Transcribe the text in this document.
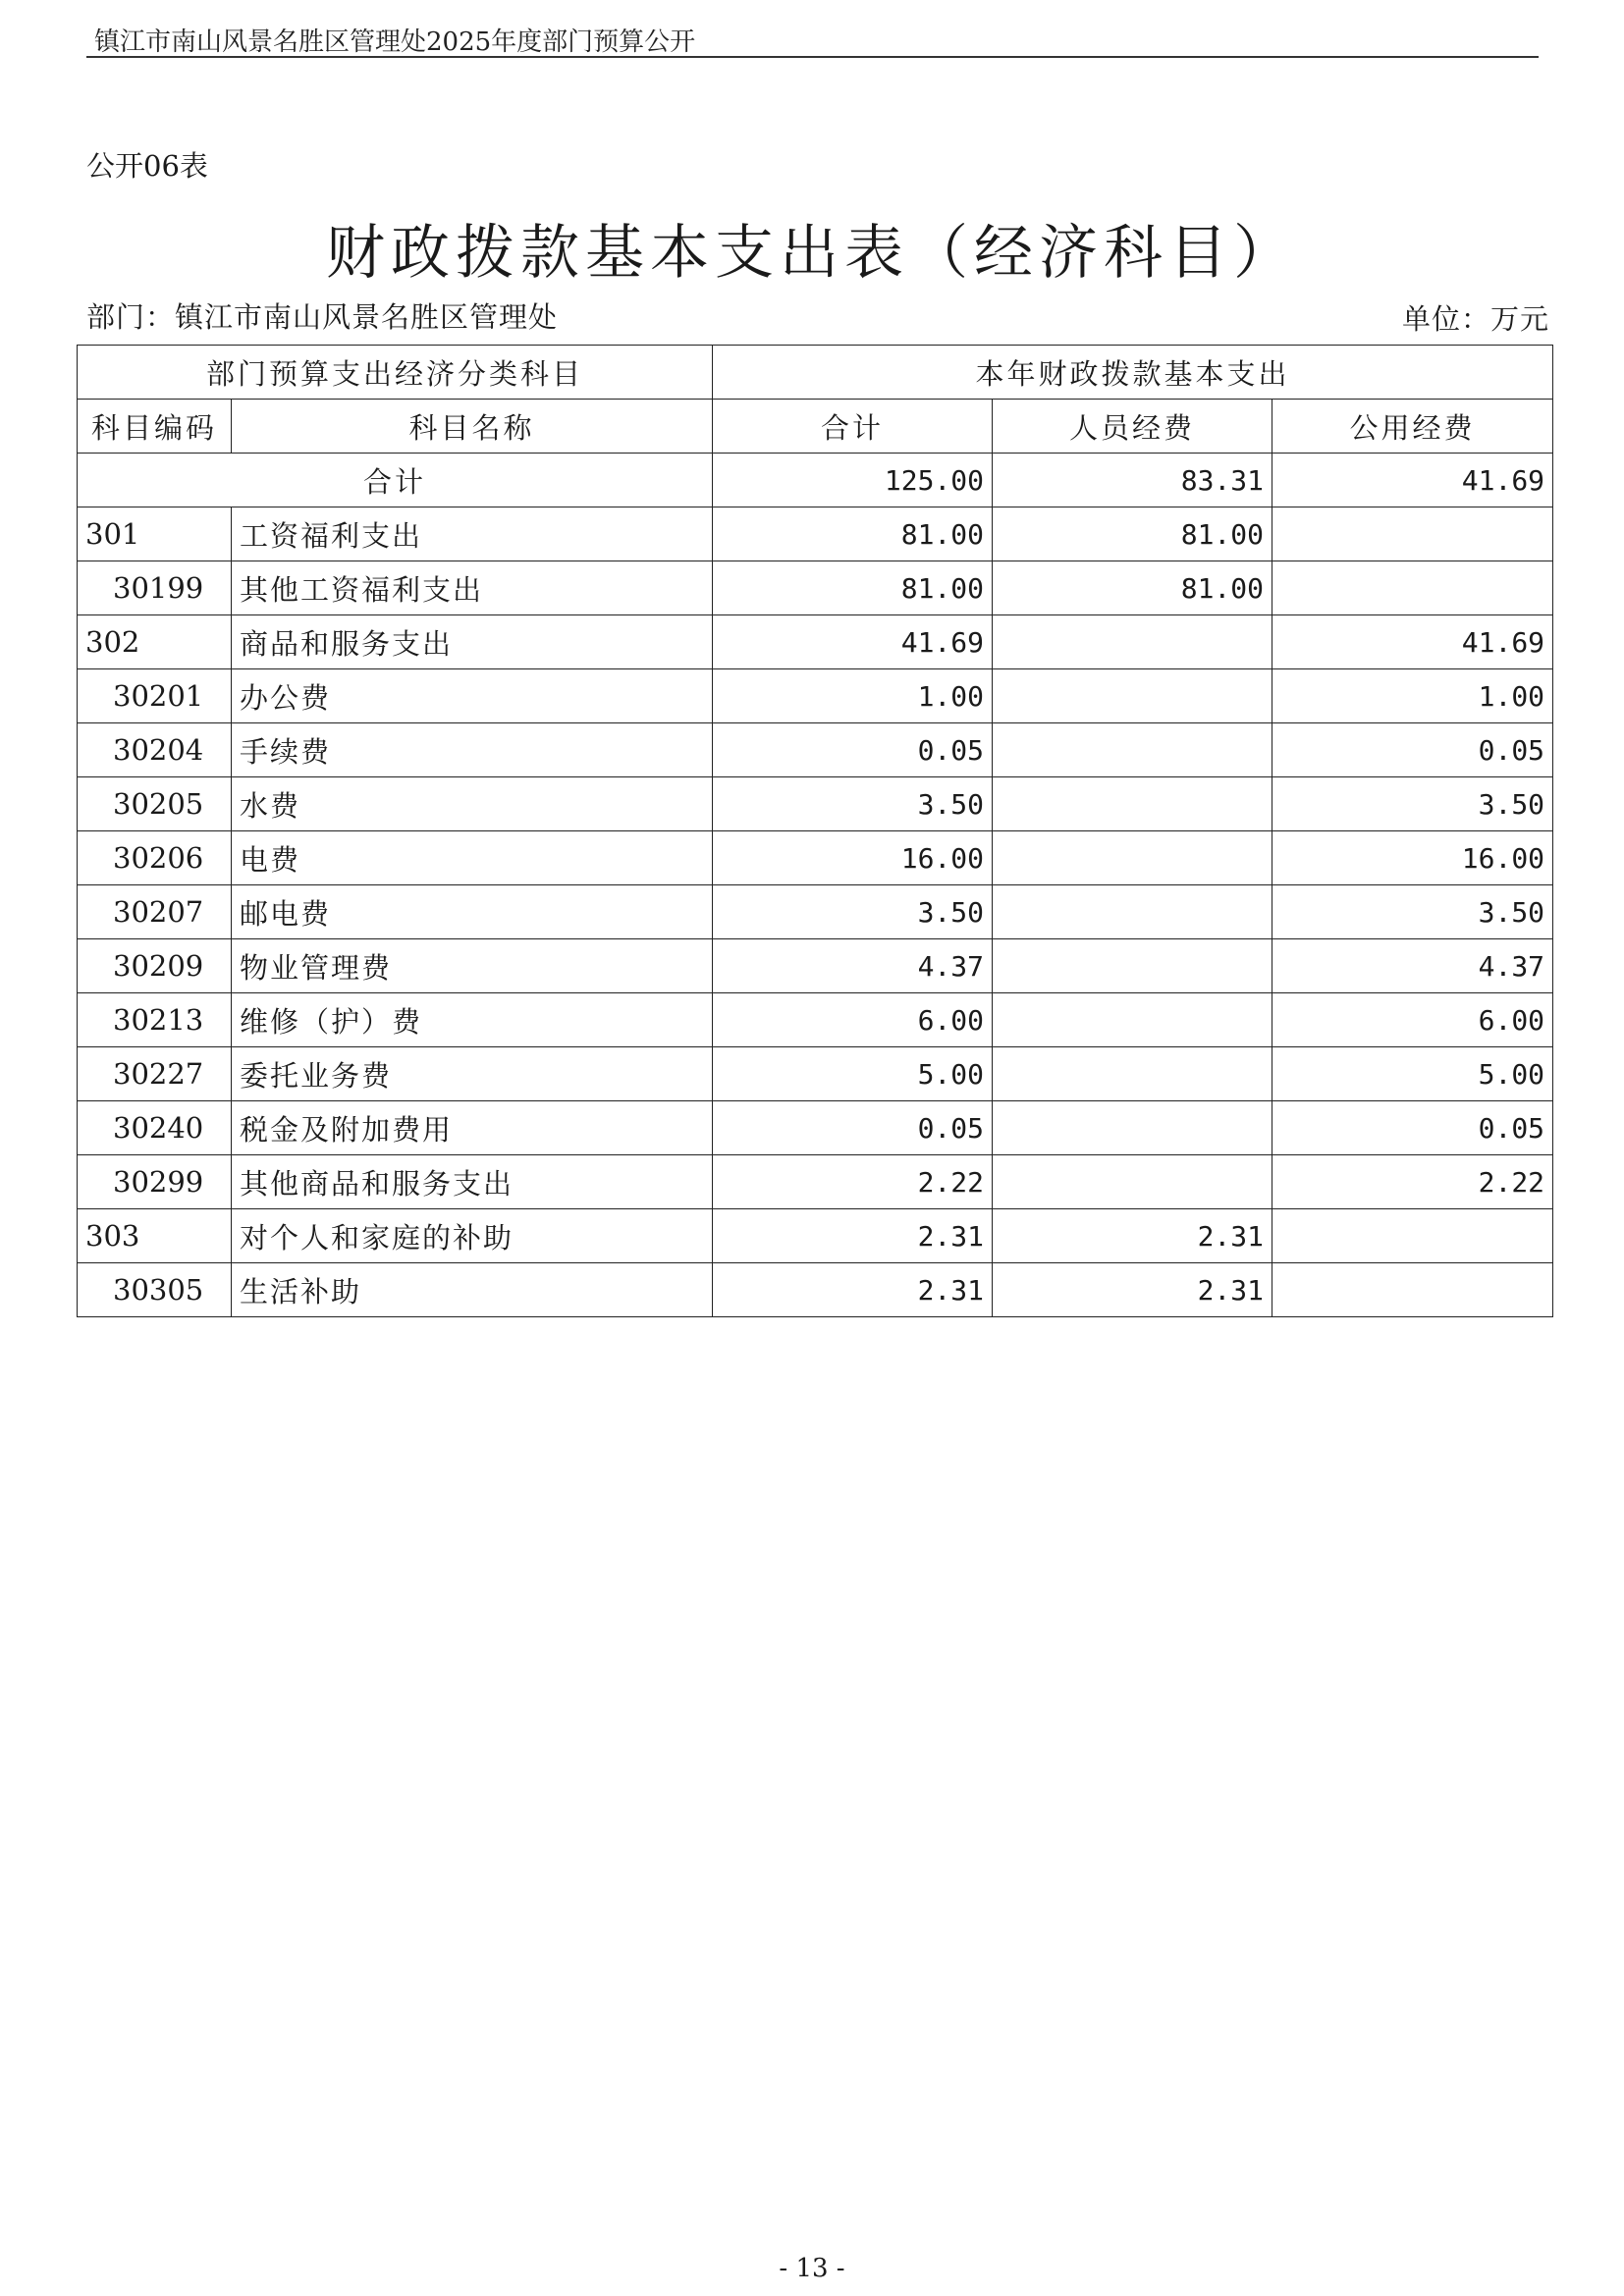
镇江市南山风景名胜区管理处2025年度部门预算公开
公开06表
财政拨款基本支出表（经济科目）
部门：镇江市南山风景名胜区管理处	单位：万元
部门预算支出经济分类科目		本年财政拨款基本支出		
科目编码	科目名称	合计	人员经费	公用经费
合计		125.00	83.31	41.69
301	工资福利支出	81.00	81.00	
30199	其他工资福利支出	81.00	81.00	
302	商品和服务支出	41.69		41.69
30201	办公费	1.00		1.00
30204	手续费	0.05		0.05
30205	水费	3.50		3.50
30206	电费	16.00		16.00
30207	邮电费	3.50		3.50
30209	物业管理费	4.37		4.37
30213	维修（护）费	6.00		6.00
30227	委托业务费	5.00		5.00
30240	税金及附加费用	0.05		0.05
30299	其他商品和服务支出	2.22		2.22
303	对个人和家庭的补助	2.31	2.31	
30305	生活补助	2.31	2.31	
- 13 -
